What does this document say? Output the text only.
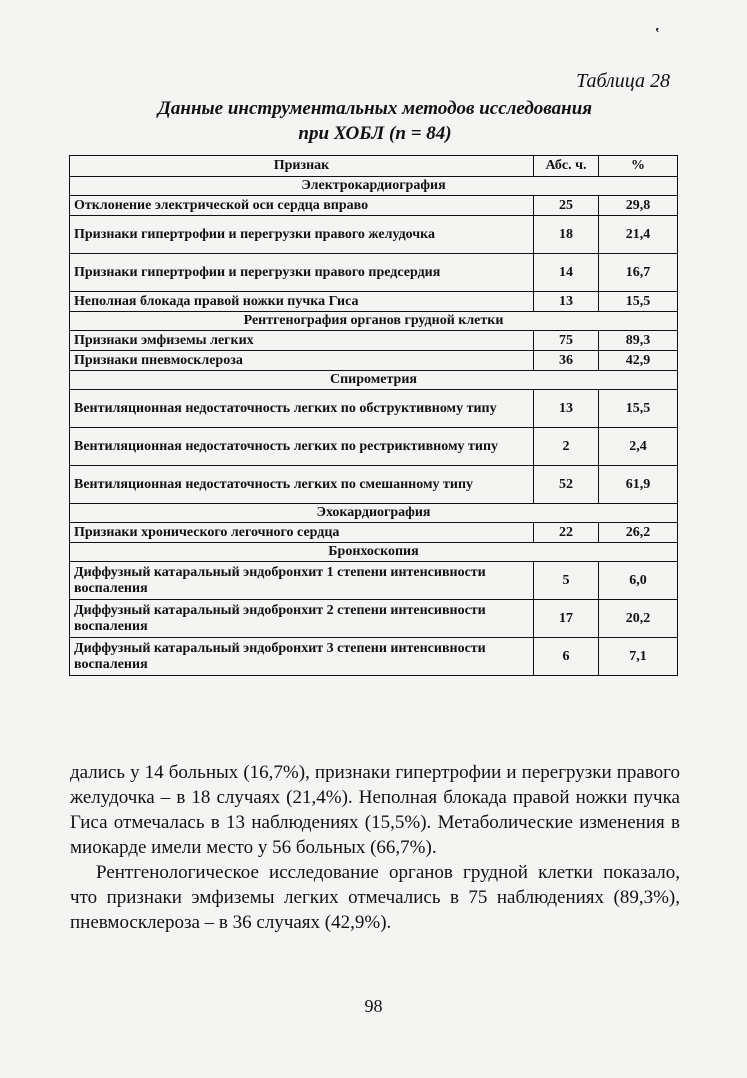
‛
Таблица 28
Данные инструментальных методов исследования
при ХОБЛ (n = 84)
Признак	Абс. ч.	%
Электрокардиография		
Отклонение электрической оси сердца вправо	25	29,8
Признаки гипертрофии и перегрузки правого желудочка	18	21,4
Признаки гипертрофии и перегрузки правого предсердия	14	16,7
Неполная блокада правой ножки пучка Гиса	13	15,5
Рентгенография органов грудной клетки		
Признаки эмфиземы легких	75	89,3
Признаки пневмосклероза	36	42,9
Спирометрия		
Вентиляционная недостаточность легких по обструктивному типу	13	15,5
Вентиляционная недостаточность легких по рестриктивному типу	2	2,4
Вентиляционная недостаточность легких по смешанному типу	52	61,9
Эхокардиография		
Признаки хронического легочного сердца	22	26,2
Бронхоскопия		
Диффузный катаральный эндобронхит 1 степени интенсивности воспаления	5	6,0
Диффузный катаральный эндобронхит 2 степени интенсивности воспаления	17	20,2
Диффузный катаральный эндобронхит 3 степени интенсивности воспаления	6	7,1

дались у 14 больных (16,7%), признаки гипертрофии и перегрузки правого желудочка – в 18 случаях (21,4%). Неполная блокада правой ножки пучка Гиса отмечалась в 13 наблюдениях (15,5%). Метаболические изменения в миокарде имели место у 56 больных (66,7%).

Рентгенологическое исследование органов грудной клетки показало, что признаки эмфиземы легких отмечались в 75 наблюдениях (89,3%), пневмосклероза – в 36 случаях (42,9%).

98
